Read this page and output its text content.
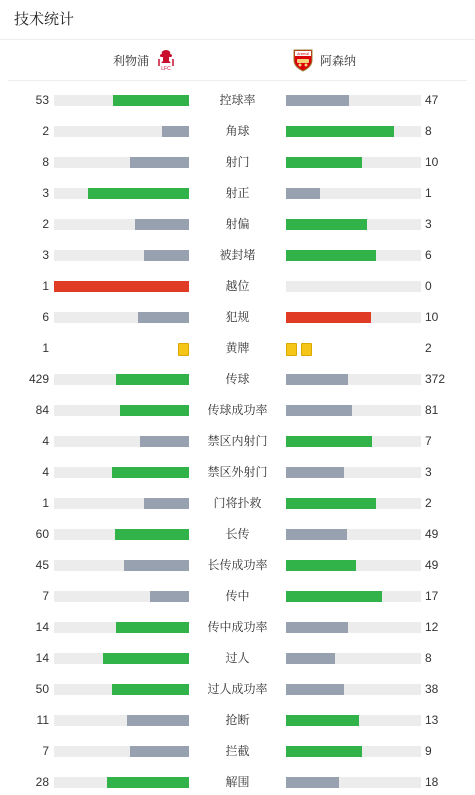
技术统计
利物浦
LFC
Arsenal 阿森纳
53	控球率	47
2	角球	8
8	射门	10
3	射正	1
2	射偏	3
3	被封堵	6
1	越位	0
6	犯规	10
1	黄牌	2
429	传球	372
84	传球成功率	81
4	禁区内射门	7
4	禁区外射门	3
1	门将扑救	2
60	长传	49
45	长传成功率	49
7	传中	17
14	传中成功率	12
14	过人	8
50	过人成功率	38
11	抢断	13
7	拦截	9
28	解围	18
